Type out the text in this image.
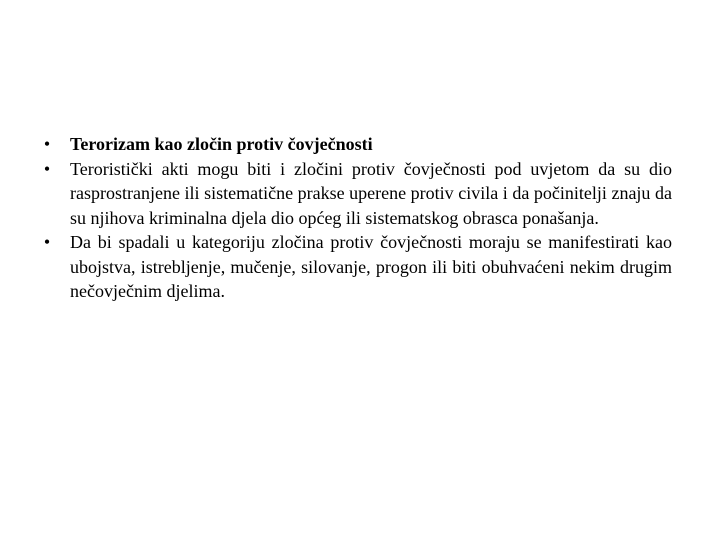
• Terorizam kao zločin protiv čovječnosti
• Teroristički akti mogu biti i zločini protiv čovječnosti pod uvjetom da su dio rasprostranjene ili sistematične prakse uperene protiv civila i da počinitelji znaju da su njihova kriminalna djela dio općeg ili sistematskog obrasca ponašanja.
• Da bi spadali u kategoriju zločina protiv čovječnosti moraju se manifestirati kao ubojstva, istrebljenje, mučenje, silovanje, progon ili biti obuhvaćeni nekim drugim nečovječnim djelima.
